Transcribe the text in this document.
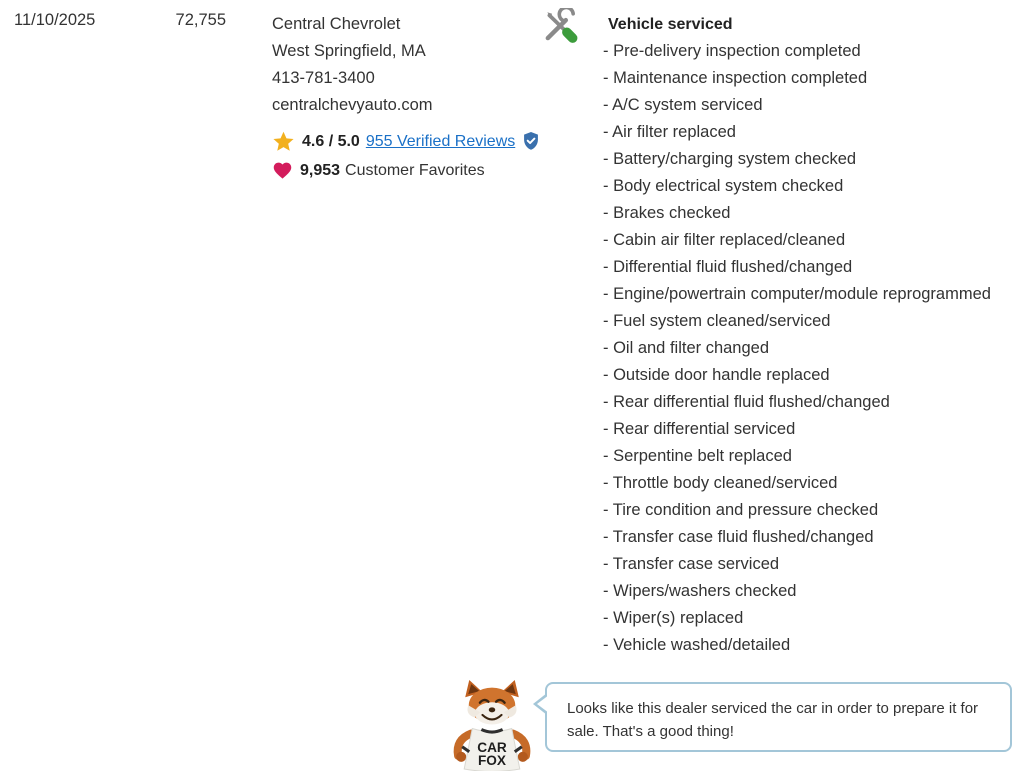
11/10/2025	72,755	Central Chevrolet
West Springfield, MA
413-781-3400
centralchevyauto.com
4.6 / 5.0 955 Verified Reviews
9,953 Customer Favorites
Vehicle serviced
- Pre-delivery inspection completed
- Maintenance inspection completed
- A/C system serviced
- Air filter replaced
- Battery/charging system checked
- Body electrical system checked
- Brakes checked
- Cabin air filter replaced/cleaned
- Differential fluid flushed/changed
- Engine/powertrain computer/module reprogrammed
- Fuel system cleaned/serviced
- Oil and filter changed
- Outside door handle replaced
- Rear differential fluid flushed/changed
- Rear differential serviced
- Serpentine belt replaced
- Throttle body cleaned/serviced
- Tire condition and pressure checked
- Transfer case fluid flushed/changed
- Transfer case serviced
- Wipers/washers checked
- Wiper(s) replaced
- Vehicle washed/detailed
CAR
FOX
Looks like this dealer serviced the car in order to prepare it for sale. That's a good thing!
